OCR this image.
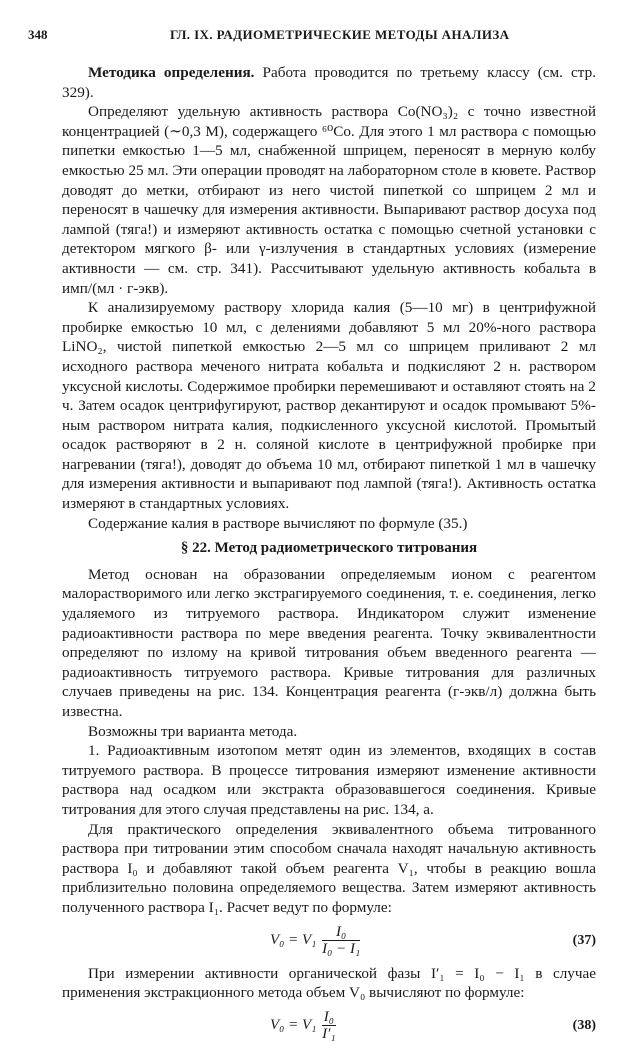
348	ГЛ. IX. РАДИОМЕТРИЧЕСКИЕ МЕТОДЫ АНАЛИЗА

Методика определения. Работа проводится по третьему классу (см. стр. 329).

Определяют удельную активность раствора Co(NO₃)₂ с точно известной концентрацией (∼0,3 М), содержащего ⁶⁰Co. Для этого 1 мл раствора с помощью пипетки емкостью 1—5 мл, снабженной шприцем, переносят в мерную колбу емкостью 25 мл. Эти операции проводят на лабораторном столе в кювете. Раствор доводят до метки, отбирают из него чистой пипеткой со шприцем 2 мл и переносят в чашечку для измерения активности. Выпаривают раствор досуха под лампой (тяга!) и измеряют активность остатка с помощью счетной установки с детектором мягкого β- или γ-излучения в стандартных условиях (измерение активности — см. стр. 341). Рассчитывают удельную активность кобальта в имп/(мл · г-экв).

К анализируемому раствору хлорида калия (5—10 мг) в центрифужной пробирке емкостью 10 мл, с делениями добавляют 5 мл 20%-ного раствора LiNO₂, чистой пипеткой емкостью 2—5 мл со шприцем приливают 2 мл исходного раствора меченого нитрата кобальта и подкисляют 2 н. раствором уксусной кислоты. Содержимое пробирки перемешивают и оставляют стоять на 2 ч. Затем осадок центрифугируют, раствор декантируют и осадок промывают 5%-ным раствором нитрата калия, подкисленного уксусной кислотой. Промытый осадок растворяют в 2 н. соляной кислоте в центрифужной пробирке при нагревании (тяга!), доводят до объема 10 мл, отбирают пипеткой 1 мл в чашечку для измерения активности и выпаривают под лампой (тяга!). Активность остатка измеряют в стандартных условиях.

Содержание калия в растворе вычисляют по формуле (35.)

§ 22. Метод радиометрического титрования

Метод основан на образовании определяемым ионом с реагентом малорастворимого или легко экстрагируемого соединения, т. е. соединения, легко удаляемого из титруемого раствора. Индикатором служит изменение радиоактивности раствора по мере введения реагента. Точку эквивалентности определяют по излому на кривой титрования объем введенного реагента — радиоактивность титруемого раствора. Кривые титрования для различных случаев приведены на рис. 134. Концентрация реагента (г-экв/л) должна быть известна.

Возможны три варианта метода.

1. Радиоактивным изотопом метят один из элементов, входящих в состав титруемого раствора. В процессе титрования измеряют изменение активности раствора над осадком или экстракта образовавшегося соединения. Кривые титрования для этого случая представлены на рис. 134, а.

Для практического определения эквивалентного объема титрованного раствора при титровании этим способом сначала находят начальную активность раствора I₀ и добавляют такой объем реагента V₁, чтобы в реакцию вошла приблизительно половина определяемого вещества. Затем измеряют активность полученного раствора I₁. Расчет ведут по формуле:

$V_0 = V_1 \frac{\text{I₀}}{\text{I₀ − I₁}}$	(37)

При измерении активности органической фазы I′₁ = I₀ − I₁ в случае применения экстракционного метода объем V₀ вычисляют по формуле:

$V_0 = V_1 \frac{\text{I₀}}{\text{I′₁}}$	(38)
